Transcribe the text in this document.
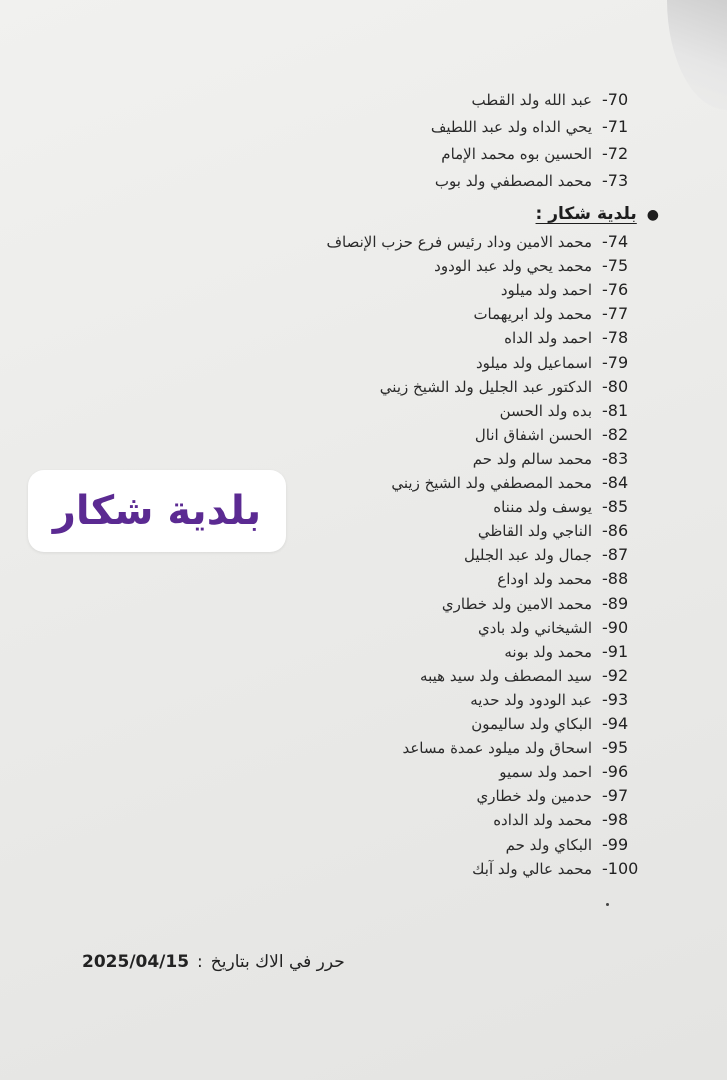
-70
عبد الله ولد القطب
-71
يحي الداه ولد عبد اللطيف
-72
الحسين بوه محمد الإمام
-73
محمد المصطفي ولد بوب
●بلدية شكار :
-74
محمد الامين وداد رئيس فرع حزب الإنصاف
-75
محمد يحي ولد عبد الودود
-76
احمد ولد ميلود
-77
محمد ولد ابريهمات
-78
احمد ولد الداه
-79
اسماعيل ولد ميلود
-80
الدكتور عبد الجليل ولد الشيخ زيني
-81
بده ولد الحسن
-82
الحسن اشفاق انال
-83
محمد سالم ولد حم
-84
محمد المصطفي ولد الشيخ زيني
-85
يوسف ولد منناه
-86
الناجي ولد القاظي
-87
جمال ولد عبد الجليل
-88
محمد ولد اوداع
-89
محمد الامين ولد خطاري
-90
الشيخاني ولد بادي
-91
محمد ولد بونه
-92
سيد المصطف ولد سيد هيبه
-93
عبد الودود ولد حديه
-94
البكاي ولد ساليمون
-95
اسحاق ولد ميلود عمدة مساعد
-96
احمد ولد سميو
-97
حدمين ولد خطاري
-98
محمد ولد الداده
-99
البكاي ولد حم
-100
محمد عالي ولد آبك
بلدية شكار
2025/04/15 : حرر في الاك بتاريخ
